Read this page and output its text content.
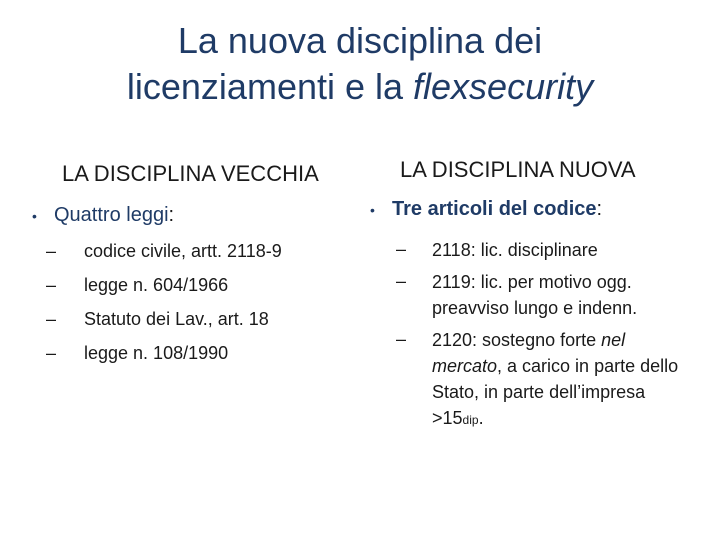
La nuova disciplina dei
licenziamenti e la flexsecurity
LA DISCIPLINA VECCHIA
• Quattro leggi:
–	codice civile, artt. 2118-9
–	legge n. 604/1966
–	Statuto dei Lav., art. 18
–	legge n. 108/1990
LA DISCIPLINA NUOVA
• Tre articoli del codice:
–	2118: lic. disciplinare
–	2119: lic. per motivo ogg. preavviso lungo e indenn.
–	2120: sostegno forte nel mercato, a carico in parte dello Stato, in parte dell’impresa >15dip.
